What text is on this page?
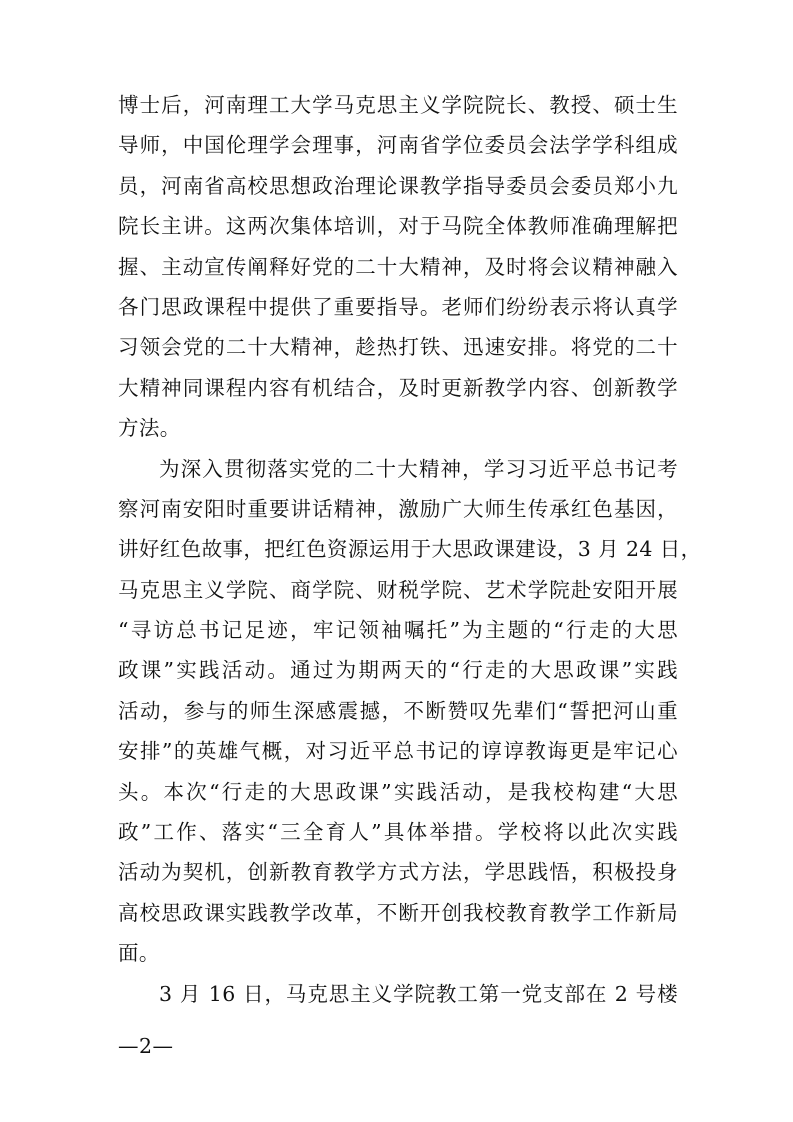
博士后，河南理工大学马克思主义学院院长、教授、硕士生
导师，中国伦理学会理事，河南省学位委员会法学学科组成
员，河南省高校思想政治理论课教学指导委员会委员郑小九
院长主讲。这两次集体培训，对于马院全体教师准确理解把
握、主动宣传阐释好党的二十大精神，及时将会议精神融入
各门思政课程中提供了重要指导。老师们纷纷表示将认真学
习领会党的二十大精神，趁热打铁、迅速安排。将党的二十
大精神同课程内容有机结合，及时更新教学内容、创新教学
方法。
为深入贯彻落实党的二十大精神，学习习近平总书记考
察河南安阳时重要讲话精神，激励广大师生传承红色基因，
讲好红色故事，把红色资源运用于大思政课建设，3 月 24 日，
马克思主义学院、商学院、财税学院、艺术学院赴安阳开展
“寻访总书记足迹，牢记领袖嘱托”为主题的“行走的大思
政课”实践活动。通过为期两天的“行走的大思政课”实践
活动，参与的师生深感震撼，不断赞叹先辈们“誓把河山重
安排”的英雄气概，对习近平总书记的谆谆教诲更是牢记心
头。本次“行走的大思政课”实践活动，是我校构建“大思
政”工作、落实“三全育人”具体举措。学校将以此次实践
活动为契机，创新教育教学方式方法，学思践悟，积极投身
高校思政课实践教学改革，不断开创我校教育教学工作新局
面。
3 月 16 日，马克思主义学院教工第一党支部在 2 号楼
—2—
